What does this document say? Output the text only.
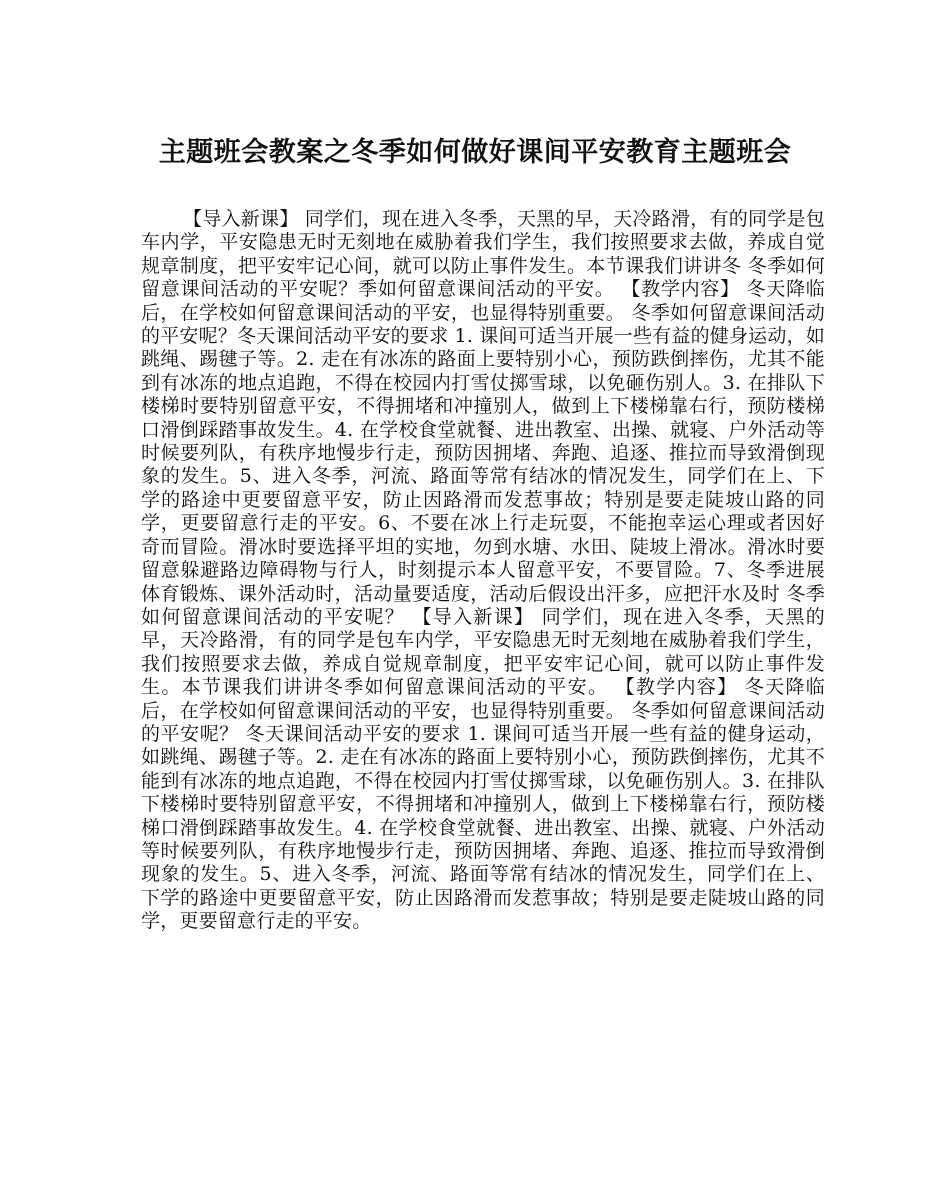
主题班会教案之冬季如何做好课间平安教育主题班会

【导入新课】 同学们，现在进入冬季，天黑的早，天冷路滑，有的同学是包车内学，平安隐患无时无刻地在威胁着我们学生，我们按照要求去做，养成自觉规章制度，把平安牢记心间，就可以防止事件发生。本节课我们讲讲冬 冬季如何留意课间活动的平安呢？季如何留意课间活动的平安。 【教学内容】 冬天降临后，在学校如何留意课间活动的平安，也显得特别重要。 冬季如何留意课间活动的平安呢？冬天课间活动平安的要求 1. 课间可适当开展一些有益的健身运动，如跳绳、踢毽子等。2. 走在有冰冻的路面上要特别小心，预防跌倒摔伤，尤其不能到有冰冻的地点追跑，不得在校园内打雪仗掷雪球，以免砸伤别人。3. 在排队下楼梯时要特别留意平安，不得拥堵和冲撞别人，做到上下楼梯靠右行，预防楼梯口滑倒踩踏事故发生。4. 在学校食堂就餐、进出教室、出操、就寝、户外活动等时候要列队，有秩序地慢步行走，预防因拥堵、奔跑、追逐、推拉而导致滑倒现象的发生。5、进入冬季，河流、路面等常有结冰的情况发生，同学们在上、下学的路途中更要留意平安，防止因路滑而发惹事故；特别是要走陡坡山路的同学，更要留意行走的平安。6、不要在冰上行走玩耍，不能抱幸运心理或者因好奇而冒险。滑冰时要选择平坦的实地，勿到水塘、水田、陡坡上滑冰。滑冰时要留意躲避路边障碍物与行人，时刻提示本人留意平安，不要冒险。7、冬季进展体育锻炼、课外活动时，活动量要适度，活动后假设出汗多，应把汗水及时 冬季如何留意课间活动的平安呢？ 【导入新课】 同学们，现在进入冬季，天黑的早，天冷路滑，有的同学是包车内学，平安隐患无时无刻地在威胁着我们学生，我们按照要求去做，养成自觉规章制度，把平安牢记心间，就可以防止事件发生。本节课我们讲讲冬季如何留意课间活动的平安。 【教学内容】 冬天降临后，在学校如何留意课间活动的平安，也显得特别重要。 冬季如何留意课间活动的平安呢？ 冬天课间活动平安的要求 1. 课间可适当开展一些有益的健身运动，如跳绳、踢毽子等。2. 走在有冰冻的路面上要特别小心，预防跌倒摔伤，尤其不能到有冰冻的地点追跑，不得在校园内打雪仗掷雪球，以免砸伤别人。3. 在排队下楼梯时要特别留意平安，不得拥堵和冲撞别人，做到上下楼梯靠右行，预防楼梯口滑倒踩踏事故发生。4. 在学校食堂就餐、进出教室、出操、就寝、户外活动等时候要列队，有秩序地慢步行走，预防因拥堵、奔跑、追逐、推拉而导致滑倒现象的发生。5、进入冬季，河流、路面等常有结冰的情况发生，同学们在上、下学的路途中更要留意平安，防止因路滑而发惹事故；特别是要走陡坡山路的同学，更要留意行走的平安。
